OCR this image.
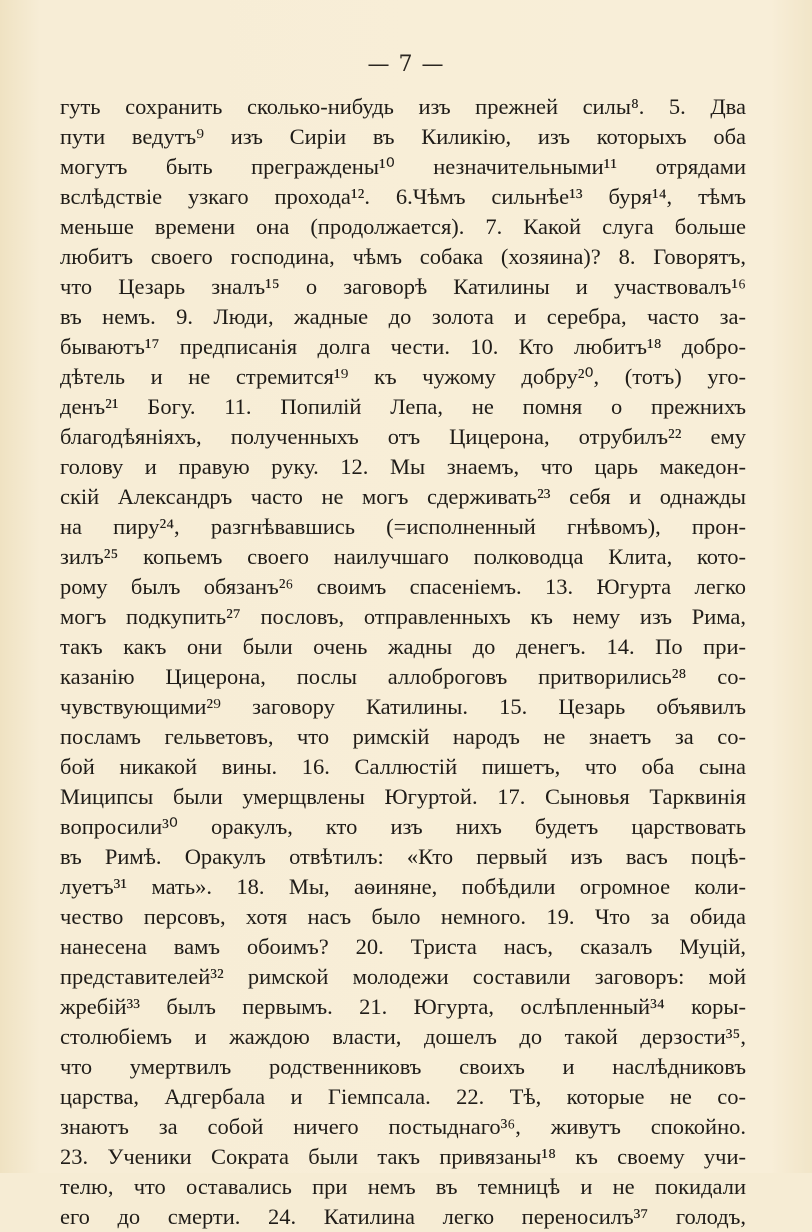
— 7 —
гуть сохранить сколько-нибудь изъ прежней силы⁸. 5. Два
пути ведутъ⁹ изъ Сиріи въ Киликію, изъ которыхъ оба
могутъ быть преграждены¹⁰ незначительными¹¹ отрядами
вслѣдствіе узкаго прохода¹². 6.Чѣмъ сильнѣе¹³ буря¹⁴, тѣмъ
меньше времени она (продолжается). 7. Какой слуга больше
любитъ своего господина, чѣмъ собака (хозяина)? 8. Говорятъ,
что Цезарь зналъ¹⁵ о заговорѣ Катилины и участвовалъ¹⁶
въ немъ. 9. Люди, жадные до золота и серебра, часто за-
бываютъ¹⁷ предписанія долга чести. 10. Кто любитъ¹⁸ добро-
дѣтель и не стремится¹⁹ къ чужому добру²⁰, (тотъ) уго-
денъ²¹ Богу. 11. Попилій Лепа, не помня о прежнихъ
благодѣяніяхъ, полученныхъ отъ Цицерона, отрубилъ²² ему
голову и правую руку. 12. Мы знаемъ, что царь македон-
скій Александръ часто не могъ сдерживать²³ себя и однажды
на пиру²⁴, разгнѣвавшись (=исполненный гнѣвомъ), прон-
зилъ²⁵ копьемъ своего наилучшаго полководца Клита, кото-
рому былъ обязанъ²⁶ своимъ спасеніемъ. 13. Югурта легко
могъ подкупить²⁷ пословъ, отправленныхъ къ нему изъ Рима,
такъ какъ они были очень жадны до денегъ. 14. По при-
казанію Цицерона, послы аллоброговъ притворились²⁸ со-
чувствующими²⁹ заговору Катилины. 15. Цезарь объявилъ
посламъ гельветовъ, что римскій народъ не знаетъ за со-
бой никакой вины. 16. Саллюстій пишетъ, что оба сына
Миципсы были умерщвлены Югуртой. 17. Сыновья Тарквинія
вопросили³⁰ оракулъ, кто изъ нихъ будетъ царствовать
въ Римѣ. Оракулъ отвѣтилъ: «Кто первый изъ васъ поцѣ-
луетъ³¹ мать». 18. Мы, аѳиняне, побѣдили огромное коли-
чество персовъ, хотя насъ было немного. 19. Что за обида
нанесена вамъ обоимъ? 20. Триста насъ, сказалъ Муцій,
представителей³² римской молодежи составили заговоръ: мой
жребій³³ былъ первымъ. 21. Югурта, ослѣпленный³⁴ коры-
столюбіемъ и жаждою власти, дошелъ до такой дерзости³⁵,
что умертвилъ родственниковъ своихъ и наслѣдниковъ
царства, Адгербала и Гіемпсала. 22. Тѣ, которые не со-
знаютъ за собой ничего постыднаго³⁶, живутъ спокойно.
23. Ученики Сократа были такъ привязаны¹⁸ къ своему учи-
телю, что оставались при немъ въ темницѣ и не покидали
его до смерти. 24. Катилина легко переносилъ³⁷ голодъ,
